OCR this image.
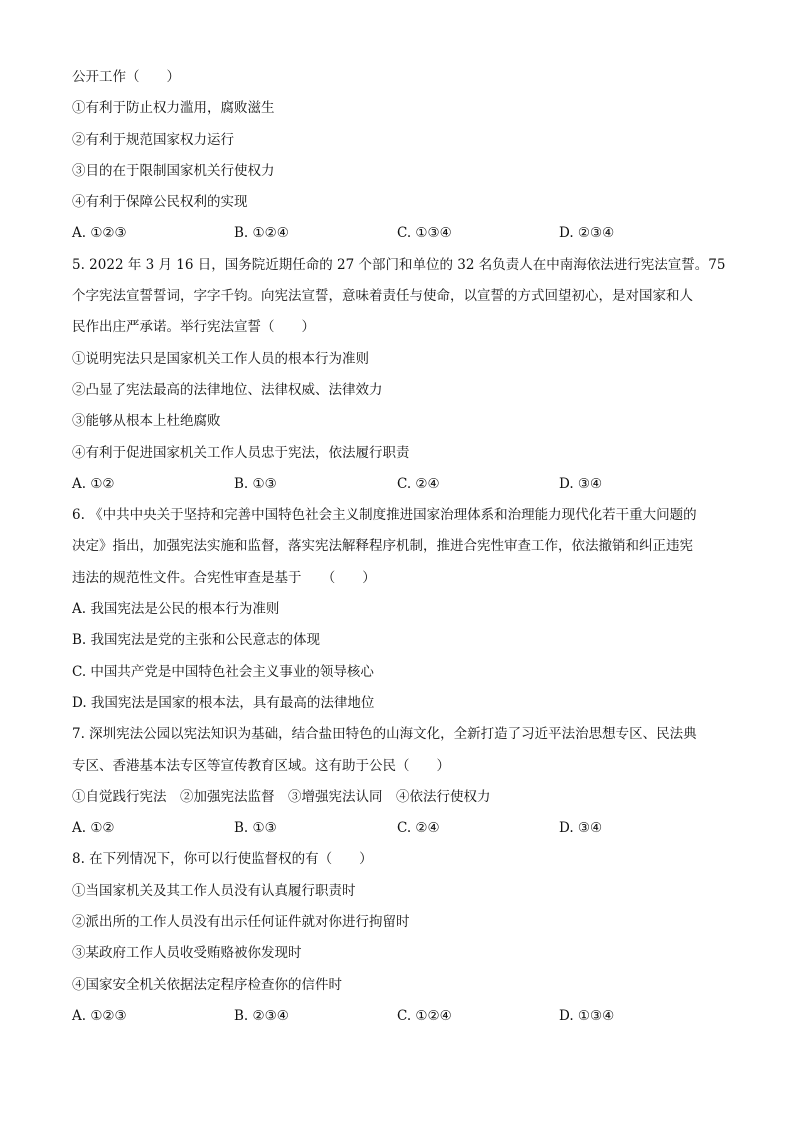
公开工作（　　）
①有利于防止权力滥用，腐败滋生
②有利于规范国家权力运行
③目的在于限制国家机关行使权力
④有利于保障公民权利的实现
A. ①②③	B. ①②④	C. ①③④	D. ②③④
5. 2022 年 3 月 16 日，国务院近期任命的 27 个部门和单位的 32 名负责人在中南海依法进行宪法宣誓。75
个字宪法宣誓誓词，字字千钧。向宪法宣誓，意味着责任与使命，以宣誓的方式回望初心，是对国家和人
民作出庄严承诺。举行宪法宣誓（　　）
①说明宪法只是国家机关工作人员的根本行为准则
②凸显了宪法最高的法律地位、法律权威、法律效力
③能够从根本上杜绝腐败
④有利于促进国家机关工作人员忠于宪法，依法履行职责
A. ①②	B. ①③	C. ②④	D. ③④
6. 《中共中央关于坚持和完善中国特色社会主义制度推进国家治理体系和治理能力现代化若干重大问题的
决定》指出，加强宪法实施和监督，落实宪法解释程序机制，推进合宪性审查工作，依法撤销和纠正违宪
违法的规范性文件。合宪性审查是基于　　（　　）
A. 我国宪法是公民的根本行为准则
B. 我国宪法是党的主张和公民意志的体现
C. 中国共产党是中国特色社会主义事业的领导核心
D. 我国宪法是国家的根本法，具有最高的法律地位
7. 深圳宪法公园以宪法知识为基础，结合盐田特色的山海文化，全新打造了习近平法治思想专区、民法典
专区、香港基本法专区等宣传教育区域。这有助于公民（　　）
①自觉践行宪法　②加强宪法监督　③增强宪法认同　④依法行使权力
A. ①②	B. ①③	C. ②④	D. ③④
8. 在下列情况下，你可以行使监督权的有（　　）
①当国家机关及其工作人员没有认真履行职责时
②派出所的工作人员没有出示任何证件就对你进行拘留时
③某政府工作人员收受贿赂被你发现时
④国家安全机关依据法定程序检查你的信件时
A. ①②③	B. ②③④	C. ①②④	D. ①③④
